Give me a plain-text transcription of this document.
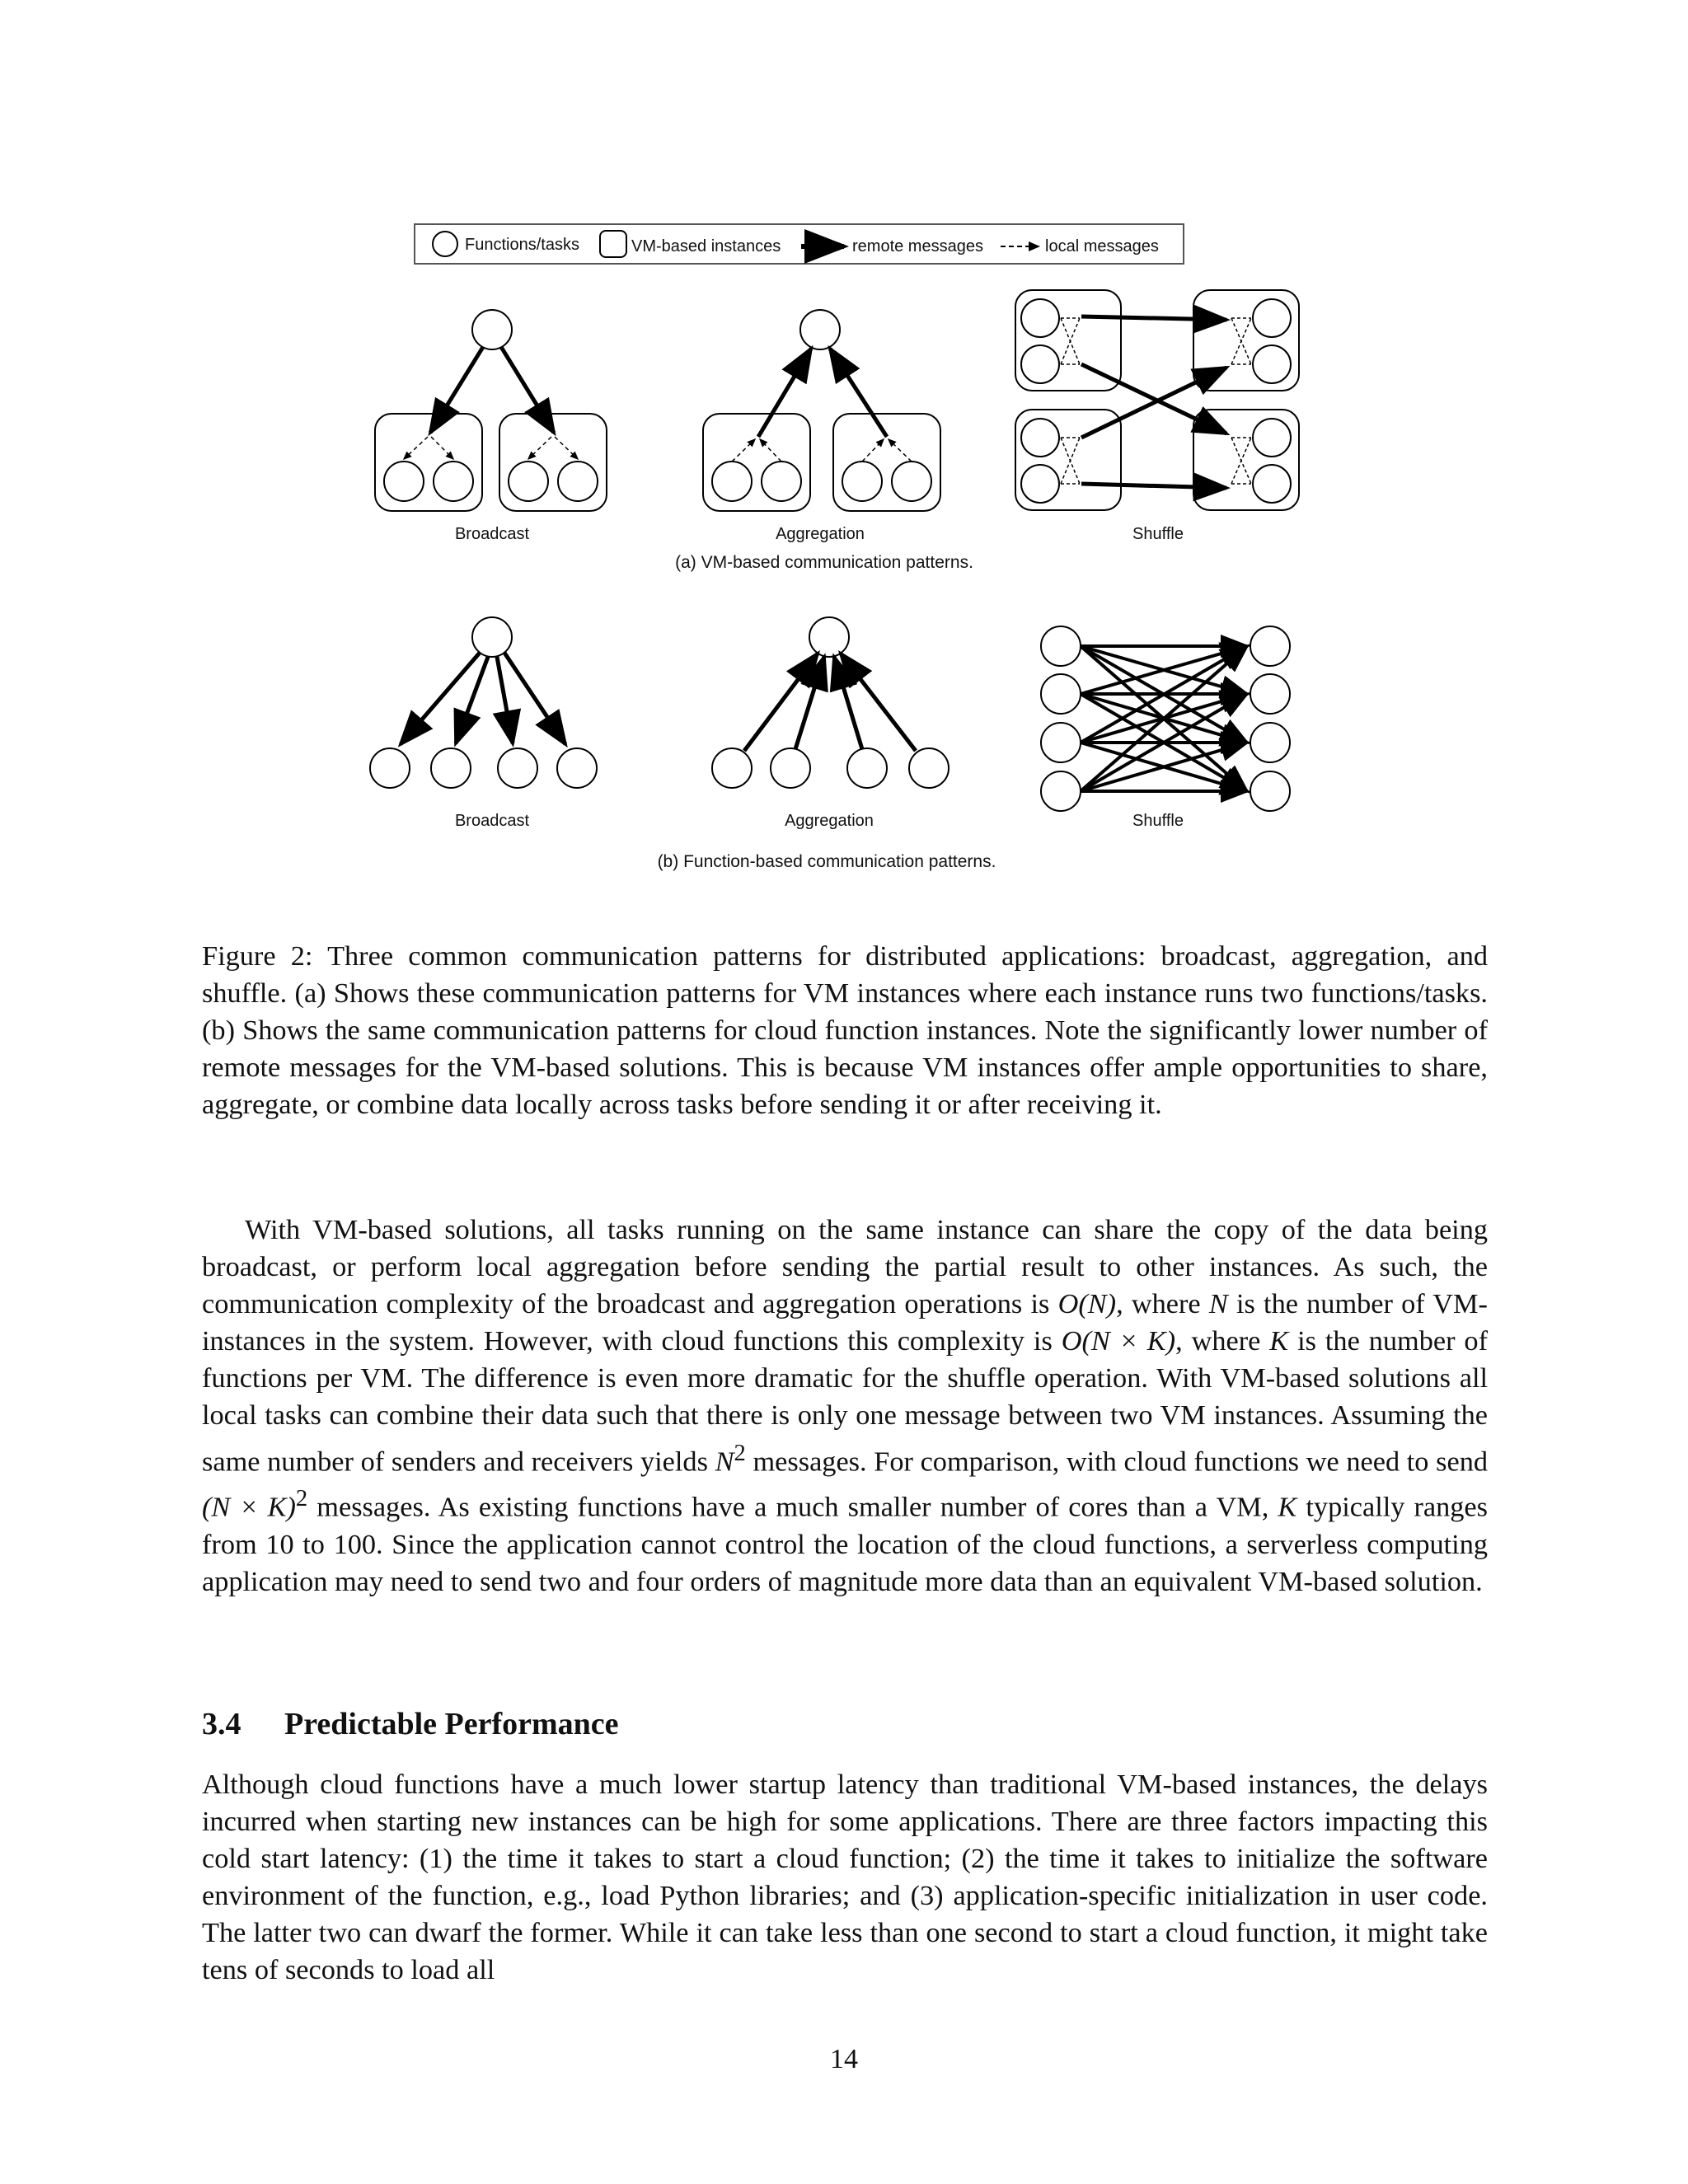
Functions/tasks	VM-based instances	remote messages	local messages
Broadcast	Aggregation	Shuffle
(a) VM-based communication patterns.
Broadcast	Aggregation	Shuffle
(b) Function-based communication patterns.

Figure 2: Three common communication patterns for distributed applications: broadcast, aggregation, and shuffle. (a) Shows these communication patterns for VM instances where each instance runs two functions/tasks. (b) Shows the same communication patterns for cloud function instances. Note the significantly lower number of remote messages for the VM-based solutions. This is because VM instances offer ample opportunities to share, aggregate, or combine data locally across tasks before sending it or after receiving it.

With VM-based solutions, all tasks running on the same instance can share the copy of the data being broadcast, or perform local aggregation before sending the partial result to other instances. As such, the communication complexity of the broadcast and aggregation operations is O(N), where N is the number of VM-instances in the system. However, with cloud functions this complexity is O(N × K), where K is the number of functions per VM. The difference is even more dramatic for the shuffle operation. With VM-based solutions all local tasks can combine their data such that there is only one message between two VM instances. Assuming the same number of senders and receivers yields $N^2$ messages. For comparison, with cloud functions we need to send $(N \times K)^2$ messages. As existing functions have a much smaller number of cores than a VM, K typically ranges from 10 to 100. Since the application cannot control the location of the cloud functions, a serverless computing application may need to send two and four orders of magnitude more data than an equivalent VM-based solution.

3.4 Predictable Performance

Although cloud functions have a much lower startup latency than traditional VM-based instances, the delays incurred when starting new instances can be high for some applications. There are three factors impacting this cold start latency: (1) the time it takes to start a cloud function; (2) the time it takes to initialize the software environment of the function, e.g., load Python libraries; and (3) application-specific initialization in user code. The latter two can dwarf the former. While it can take less than one second to start a cloud function, it might take tens of seconds to load all

14
